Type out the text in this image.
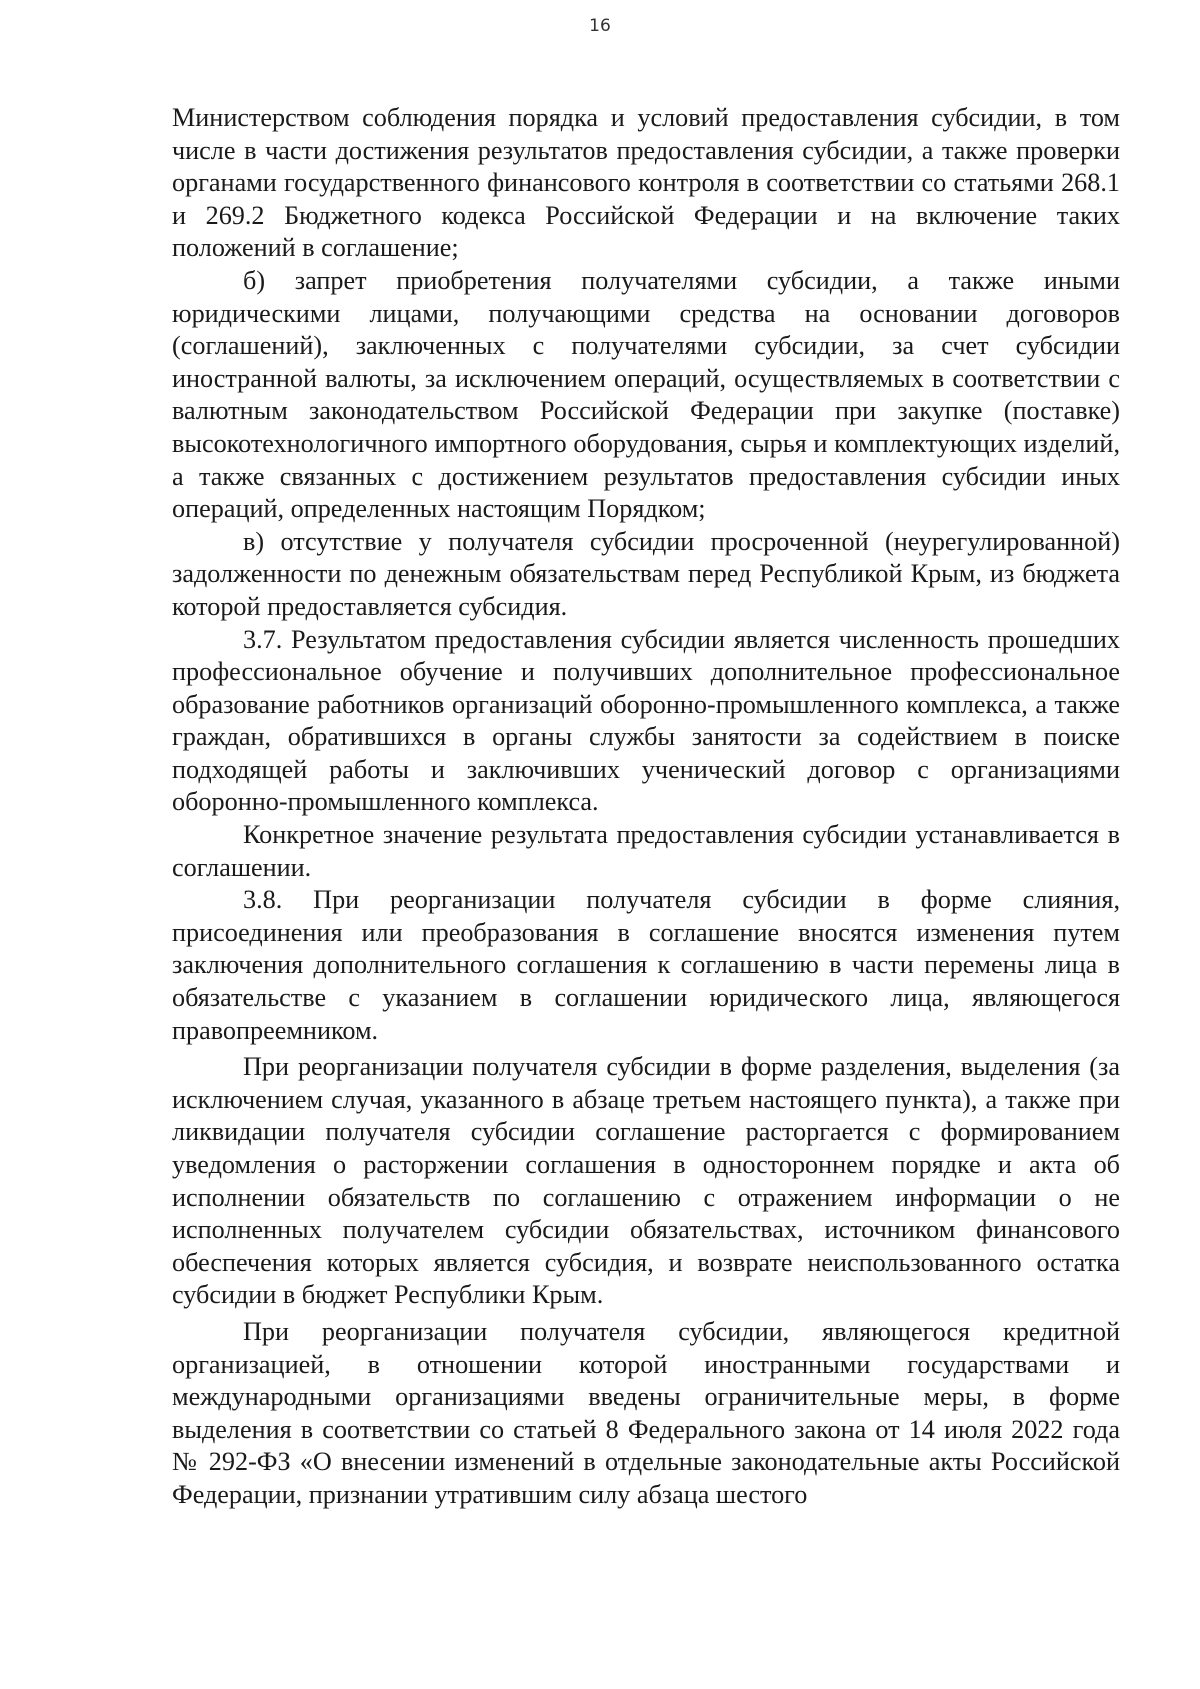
16

Министерством соблюдения порядка и условий предоставления субсидии, в том числе в части достижения результатов предоставления субсидии, а также проверки органами государственного финансового контроля в соответствии со статьями 268.1 и 269.2 Бюджетного кодекса Российской Федерации и на включение таких положений в соглашение;

б) запрет приобретения получателями субсидии, а также иными юридическими лицами, получающими средства на основании договоров (соглашений), заключенных с получателями субсидии, за счет субсидии иностранной валюты, за исключением операций, осуществляемых в соответствии с валютным законодательством Российской Федерации при закупке (поставке) высокотехнологичного импортного оборудования, сырья и комплектующих изделий, а также связанных с достижением результатов предоставления субсидии иных операций, определенных настоящим Порядком;

в) отсутствие у получателя субсидии просроченной (неурегулированной) задолженности по денежным обязательствам перед Республикой Крым, из бюджета которой предоставляется субсидия.

3.7. Результатом предоставления субсидии является численность прошедших профессиональное обучение и получивших дополнительное профессиональное образование работников организаций оборонно-промышленного комплекса, а также граждан, обратившихся в органы службы занятости за содействием в поиске подходящей работы и заключивших ученический договор с организациями оборонно-промышленного комплекса.

Конкретное значение результата предоставления субсидии устанавливается в соглашении.

3.8. При реорганизации получателя субсидии в форме слияния, присоединения или преобразования в соглашение вносятся изменения путем заключения дополнительного соглашения к соглашению в части перемены лица в обязательстве с указанием в соглашении юридического лица, являющегося правопреемником.

При реорганизации получателя субсидии в форме разделения, выделения (за исключением случая, указанного в абзаце третьем настоящего пункта), а также при ликвидации получателя субсидии соглашение расторгается с формированием уведомления о расторжении соглашения в одностороннем порядке и акта об исполнении обязательств по соглашению с отражением информации о не исполненных получателем субсидии обязательствах, источником финансового обеспечения которых является субсидия, и возврате неиспользованного остатка субсидии в бюджет Республики Крым.

При реорганизации получателя субсидии, являющегося кредитной организацией, в отношении которой иностранными государствами и международными организациями введены ограничительные меры, в форме выделения в соответствии со статьей 8 Федерального закона от 14 июля 2022 года № 292-ФЗ «О внесении изменений в отдельные законодательные акты Российской Федерации, признании утратившим силу абзаца шестого
